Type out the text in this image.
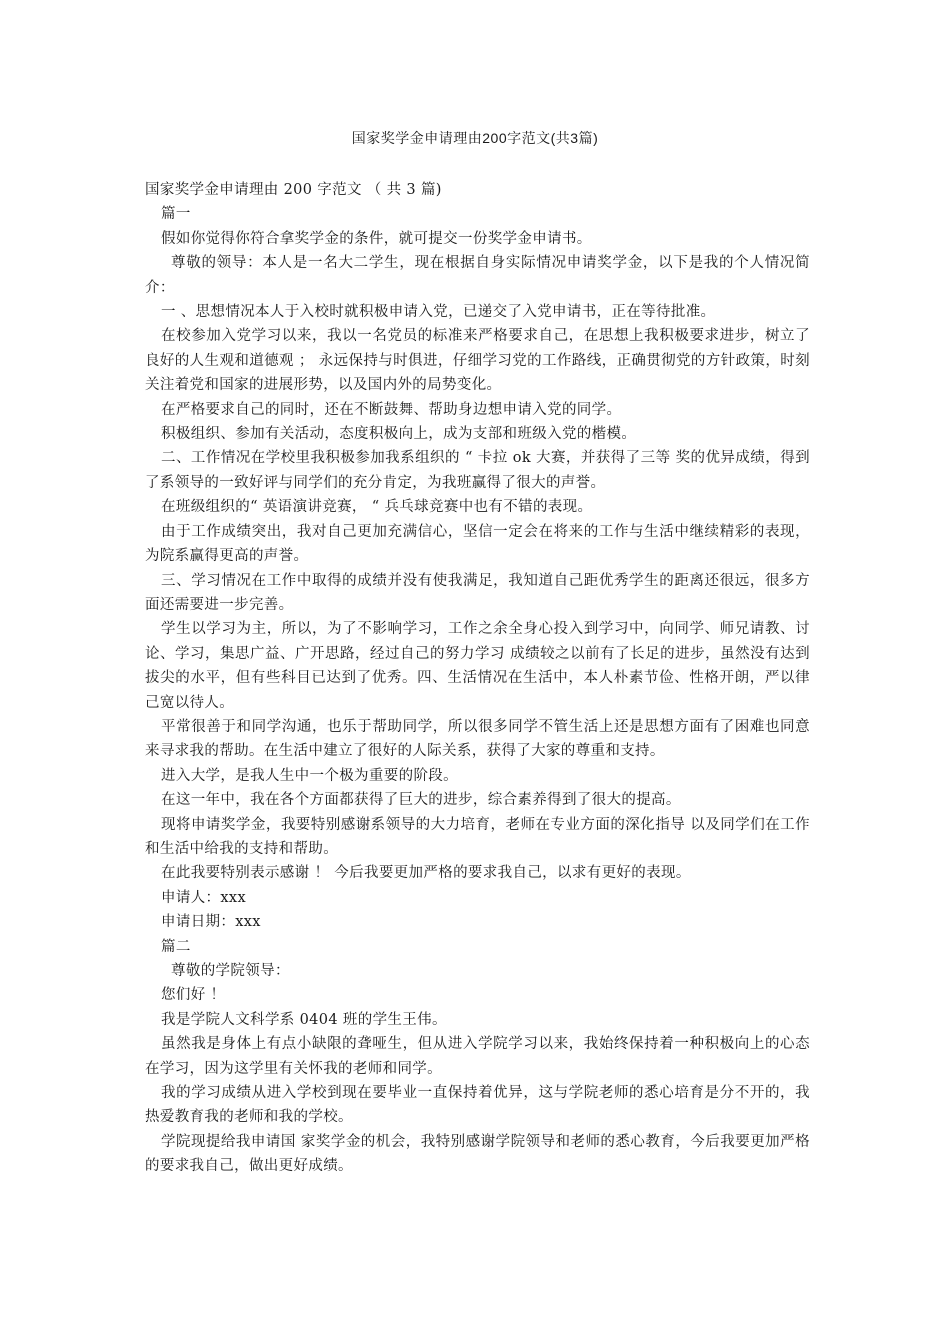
国家奖学金申请理由200字范文(共3篇)

国家奖学金申请理由 200 字范文 （ 共 3 篇)

篇一

假如你觉得你符合拿奖学金的条件，就可提交一份奖学金申请书。

尊敬的领导：本人是一名大二学生，现在根据自身实际情况申请奖学金，以下是我的个人情况简介：

一 、思想情况本人于入校时就积极申请入党，已递交了入党申请书，正在等待批准。

在校参加入党学习以来，我以一名党员的标准来严格要求自己，在思想上我积极要求进步，树立了良好的人生观和道德观 ； 永远保持与时俱进，仔细学习党的工作路线，正确贯彻党的方针政策，时刻关注着党和国家的进展形势，以及国内外的局势变化。

在严格要求自己的同时，还在不断鼓舞、帮助身边想申请入党的同学。

积极组织、参加有关活动，态度积极向上，成为支部和班级入党的楷模。

二、工作情况在学校里我积极参加我系组织的 “ 卡拉 ok 大赛，并获得了三等 奖的优异成绩，得到了系领导的一致好评与同学们的充分肯定，为我班赢得了很大的声誉。

在班级组织的“ 英语演讲竞赛， “ 兵乓球竞赛中也有不错的表现。

由于工作成绩突出，我对自己更加充满信心，坚信一定会在将来的工作与生活中继续精彩的表现，为院系赢得更高的声誉。

三、学习情况在工作中取得的成绩并没有使我满足，我知道自己距优秀学生的距离还很远，很多方面还需要进一步完善。

学生以学习为主，所以，为了不影响学习，工作之余全身心投入到学习中，向同学、师兄请教、讨论、学习，集思广益、广开思路，经过自己的努力学习 成绩较之以前有了长足的进步，虽然没有达到拔尖的水平，但有些科目已达到了优秀。四、生活情况在生活中，本人朴素节俭、性格开朗，严以律己宽以待人。

平常很善于和同学沟通，也乐于帮助同学，所以很多同学不管生活上还是思想方面有了困难也同意来寻求我的帮助。在生活中建立了很好的人际关系，获得了大家的尊重和支持。

进入大学，是我人生中一个极为重要的阶段。

在这一年中，我在各个方面都获得了巨大的进步，综合素养得到了很大的提高。

现将申请奖学金，我要特别感谢系领导的大力培育，老师在专业方面的深化指导 以及同学们在工作和生活中给我的支持和帮助。

在此我要特别表示感谢 ！ 今后我要更加严格的要求我自己，以求有更好的表现。

申请人：xxx

申请日期：xxx

篇二

尊敬的学院领导：

您们好 ！

我是学院人文科学系 0404 班的学生王伟。

虽然我是身体上有点小缺限的聋哑生，但从进入学院学习以来，我始终保持着一种积极向上的心态在学习，因为这学里有关怀我的老师和同学。

我的学习成绩从进入学校到现在要毕业一直保持着优异，这与学院老师的悉心培育是分不开的，我热爱教育我的老师和我的学校。

学院现提给我申请国 家奖学金的机会，我特别感谢学院领导和老师的悉心教育，今后我要更加严格的要求我自己，做出更好成绩。
